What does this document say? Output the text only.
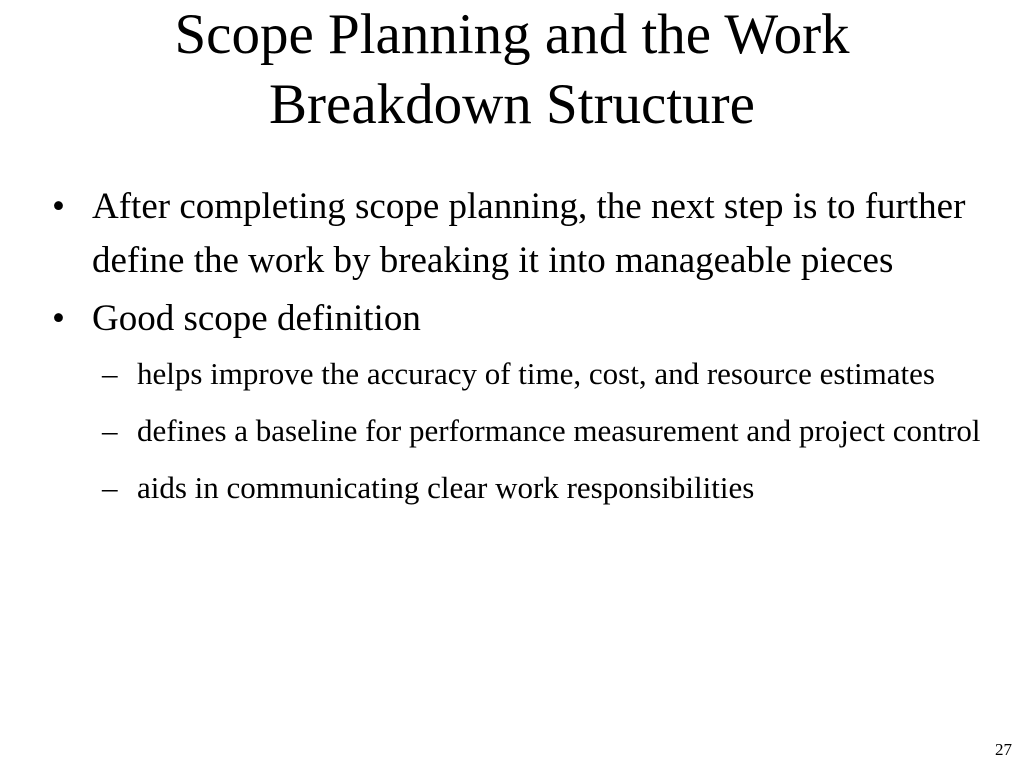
Scope Planning and the Work
Breakdown Structure
• After completing scope planning, the next step is to further define the work by breaking it into manageable pieces
• Good scope definition
– helps improve the accuracy of time, cost, and resource estimates
– defines a baseline for performance measurement and project control
– aids in communicating clear work responsibilities
27
